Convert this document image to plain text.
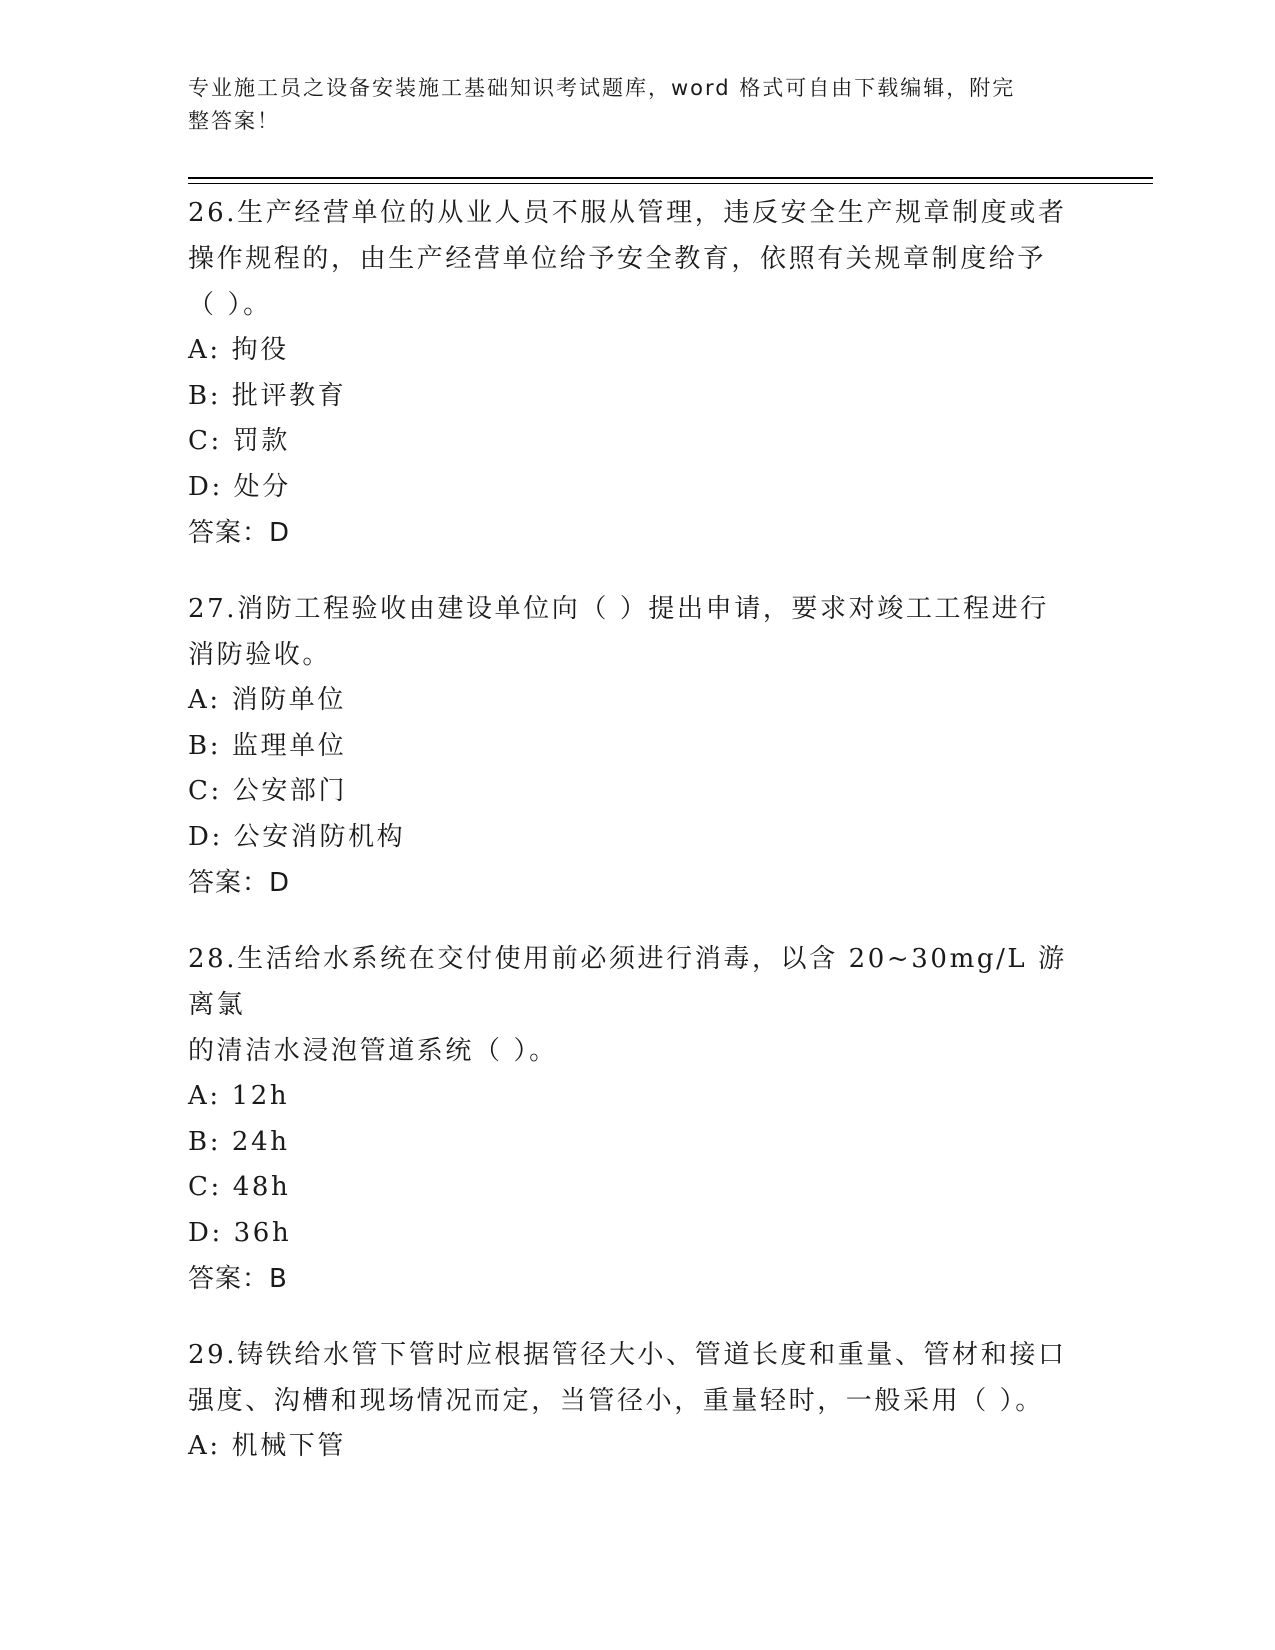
专业施工员之设备安装施工基础知识考试题库，word 格式可自由下载编辑，附完
整答案！
26.生产经营单位的从业人员不服从管理，违反安全生产规章制度或者
操作规程的，由生产经营单位给予安全教育，依照有关规章制度给予
（ ）。
A: 拘役
B: 批评教育
C: 罚款
D: 处分
答案：D
27.消防工程验收由建设单位向（ ）提出申请，要求对竣工工程进行
消防验收。
A: 消防单位
B: 监理单位
C: 公安部门
D: 公安消防机构
答案：D
28.生活给水系统在交付使用前必须进行消毒，以含 20~30mg/L 游离氯
的清洁水浸泡管道系统（ ）。
A: 12h
B: 24h
C: 48h
D: 36h
答案：B
29.铸铁给水管下管时应根据管径大小、管道长度和重量、管材和接口
强度、沟槽和现场情况而定，当管径小，重量轻时，一般采用（ ）。
A: 机械下管
